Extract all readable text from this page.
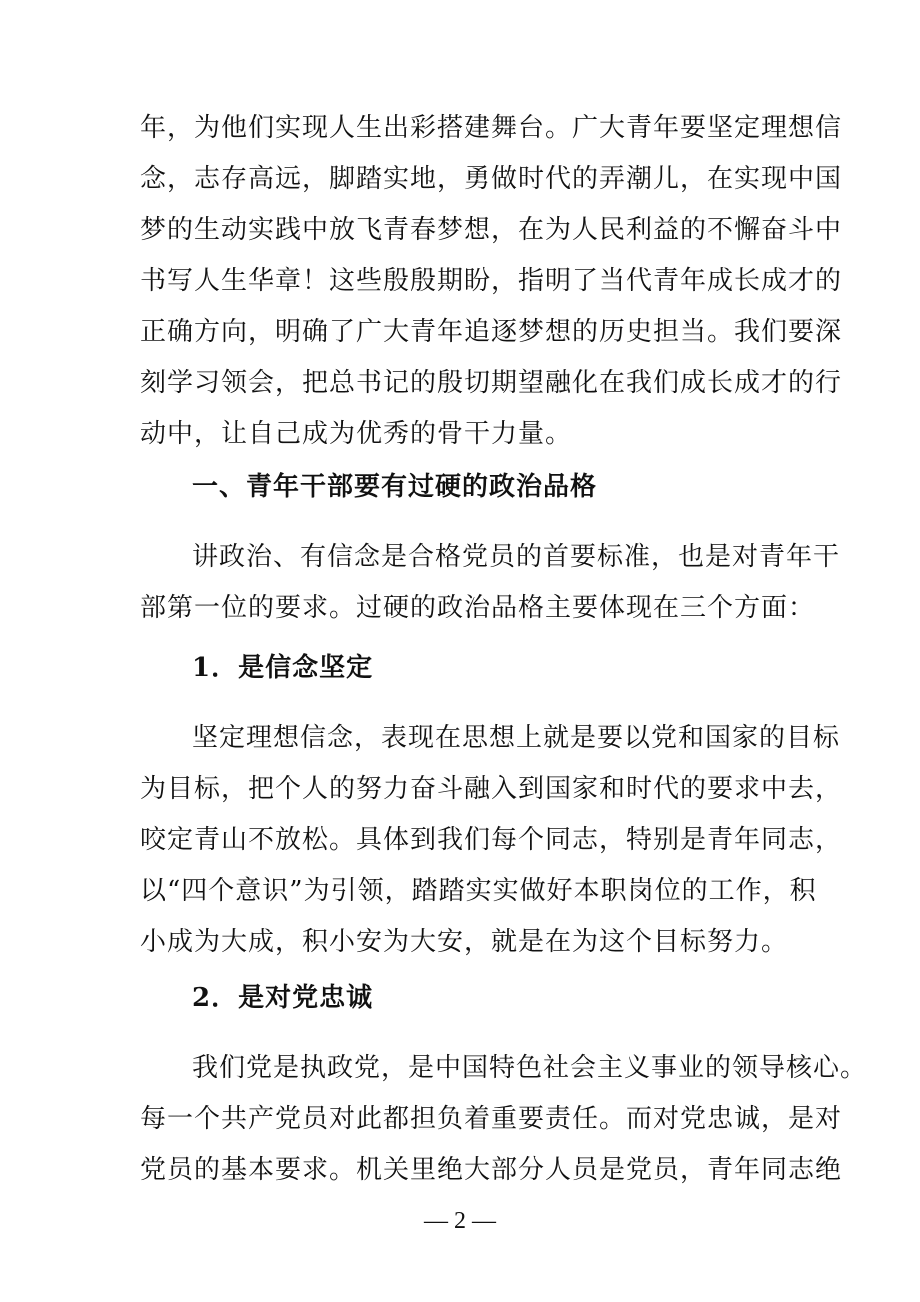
年，为他们实现人生出彩搭建舞台。广大青年要坚定理想信
念，志存高远，脚踏实地，勇做时代的弄潮儿，在实现中国
梦的生动实践中放飞青春梦想，在为人民利益的不懈奋斗中
书写人生华章！这些殷殷期盼，指明了当代青年成长成才的
正确方向，明确了广大青年追逐梦想的历史担当。我们要深
刻学习领会，把总书记的殷切期望融化在我们成长成才的行
动中，让自己成为优秀的骨干力量。
一、青年干部要有过硬的政治品格
讲政治、有信念是合格党员的首要标准，也是对青年干
部第一位的要求。过硬的政治品格主要体现在三个方面：
1．是信念坚定
坚定理想信念，表现在思想上就是要以党和国家的目标
为目标，把个人的努力奋斗融入到国家和时代的要求中去，
咬定青山不放松。具体到我们每个同志，特别是青年同志，
以“四个意识”为引领，踏踏实实做好本职岗位的工作，积
小成为大成，积小安为大安，就是在为这个目标努力。
2．是对党忠诚
我们党是执政党，是中国特色社会主义事业的领导核心。
每一个共产党员对此都担负着重要责任。而对党忠诚，是对
党员的基本要求。机关里绝大部分人员是党员，青年同志绝
— 2 —
